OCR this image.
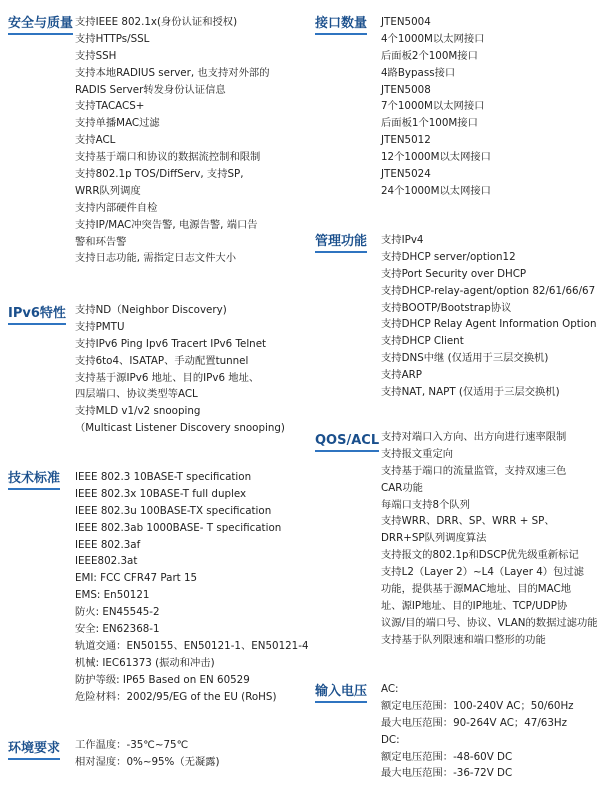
安全与质量 支持IEEE 802.1x(身份认证和授权)
支持HTTPs/SSL
支持SSH
支持本地RADIUS server, 也支持对外部的
RADIS Server转发身份认证信息
支持TACACS+
支持单播MAC过滤
支持ACL
支持基于端口和协议的数据流控制和限制
支持802.1p TOS/DiffServ, 支持SP,
WRR队列调度
支持内部硬件自检
支持IP/MAC冲突告警, 电源告警, 端口告
警和环告警
支持日志功能, 需指定日志文件大小
IPv6特性 支持ND（Neighbor Discovery)
支持PMTU
支持IPv6 Ping Ipv6 Tracert IPv6 Telnet
支持6to4、ISATAP、手动配置tunnel
支持基于源IPv6 地址、目的IPv6 地址、
四层端口、协议类型等ACL
支持MLD v1/v2 snooping
（Multicast Listener Discovery snooping)
技术标准 IEEE 802.3 10BASE-T specification
IEEE 802.3x 10BASE-T full duplex
IEEE 802.3u 100BASE-TX specification
IEEE 802.3ab 1000BASE- T specification
IEEE 802.3af
IEEE802.3at
EMI: FCC CFR47 Part 15
EMS: En50121
防火: EN45545-2
安全: EN62368-1
轨道交通：EN50155、EN50121-1、EN50121-4
机械: IEC61373 (振动和冲击)
防护等级: IP65 Based on EN 60529
危险材料：2002/95/EG of the EU (RoHS)
环境要求 工作温度：-35℃~75℃
相对湿度：0%~95%（无凝露)
接口数量 JTEN5004
4个1000M以太网接口
后面板2个100M接口
4路Bypass接口
JTEN5008
7个1000M以太网接口
后面板1个100M接口
JTEN5012
12个1000M以太网接口
JTEN5024
24个1000M以太网接口
管理功能 支持IPv4
支持DHCP server/option12
支持Port Security over DHCP
支持DHCP-relay-agent/option 82/61/66/67
支持BOOTP/Bootstrap协议
支持DHCP Relay Agent Information Option
支持DHCP Client
支持DNS中继 (仅适用于三层交换机)
支持ARP
支持NAT, NAPT (仅适用于三层交换机)
QOS/ACL 支持对端口入方向、出方向进行速率限制
支持报文重定向
支持基于端口的流量监管，支持双速三色
CAR功能
每端口支持8个队列
支持WRR、DRR、SP、WRR + SP、
DRR+SP队列调度算法
支持报文的802.1p和DSCP优先级重新标记
支持L2（Layer 2）~L4（Layer 4）包过滤
功能，提供基于源MAC地址、目的MAC地
址、源IP地址、目的IP地址、TCP/UDP协
议源/目的端口号、协议、VLAN的数据过滤功能
支持基于队列限速和端口整形的功能
输入电压 AC:
额定电压范围：100-240V AC；50/60Hz
最大电压范围：90-264V AC；47/63Hz
DC:
额定电压范围：-48-60V DC
最大电压范围：-36-72V DC
